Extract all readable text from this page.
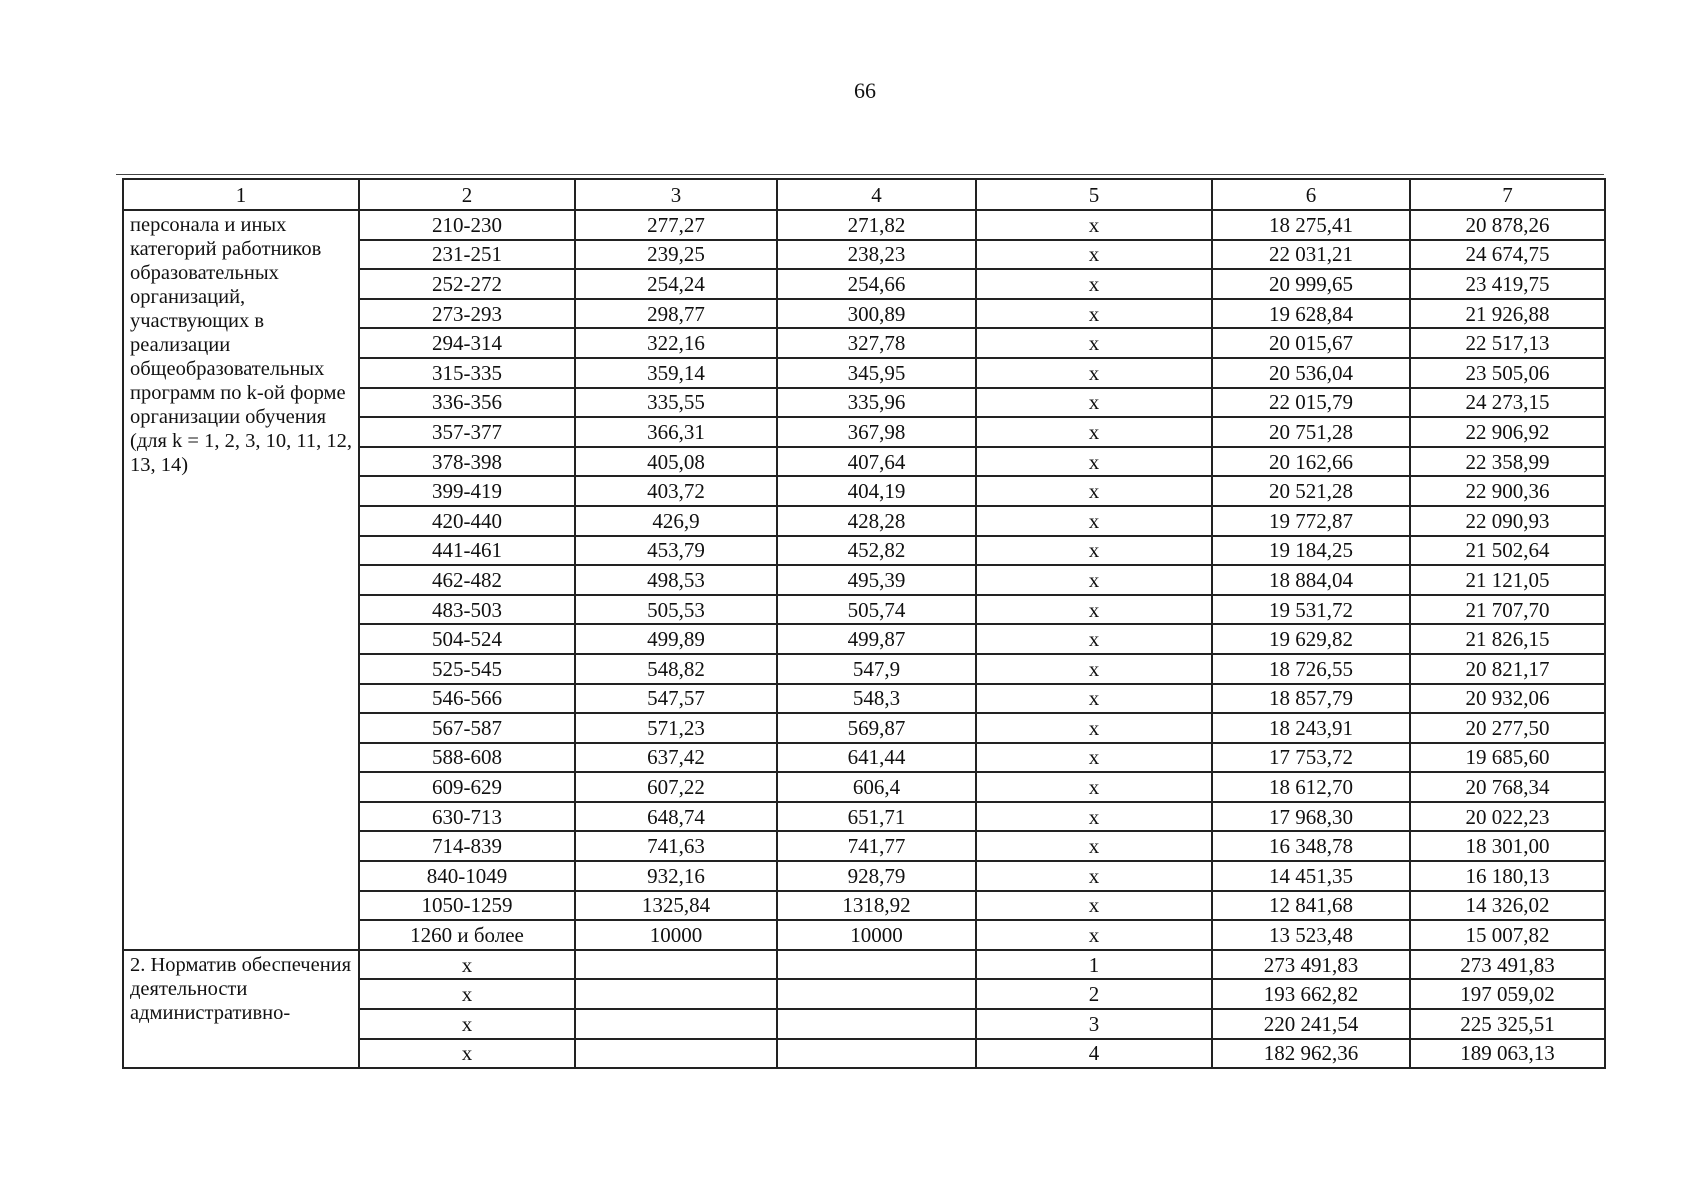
66
1	2	3	4	5	6	7
персонала и иных категорий работников образовательных организаций, участвующих в реализации общеобразовательных программ по k-ой форме организации обучения (для k = 1, 2, 3, 10, 11, 12, 13, 14)	210-230	277,27	271,82	х	18 275,41	20 878,26
	231-251	239,25	238,23	х	22 031,21	24 674,75
	252-272	254,24	254,66	х	20 999,65	23 419,75
	273-293	298,77	300,89	х	19 628,84	21 926,88
	294-314	322,16	327,78	х	20 015,67	22 517,13
	315-335	359,14	345,95	х	20 536,04	23 505,06
	336-356	335,55	335,96	х	22 015,79	24 273,15
	357-377	366,31	367,98	х	20 751,28	22 906,92
	378-398	405,08	407,64	х	20 162,66	22 358,99
	399-419	403,72	404,19	х	20 521,28	22 900,36
	420-440	426,9	428,28	х	19 772,87	22 090,93
	441-461	453,79	452,82	х	19 184,25	21 502,64
	462-482	498,53	495,39	х	18 884,04	21 121,05
	483-503	505,53	505,74	х	19 531,72	21 707,70
	504-524	499,89	499,87	х	19 629,82	21 826,15
	525-545	548,82	547,9	х	18 726,55	20 821,17
	546-566	547,57	548,3	х	18 857,79	20 932,06
	567-587	571,23	569,87	х	18 243,91	20 277,50
	588-608	637,42	641,44	х	17 753,72	19 685,60
	609-629	607,22	606,4	х	18 612,70	20 768,34
	630-713	648,74	651,71	х	17 968,30	20 022,23
	714-839	741,63	741,77	х	16 348,78	18 301,00
	840-1049	932,16	928,79	х	14 451,35	16 180,13
	1050-1259	1325,84	1318,92	х	12 841,68	14 326,02
	1260 и более	10000	10000	х	13 523,48	15 007,82
2. Норматив обеспечения деятельности административно-	х			1	273 491,83	273 491,83
	х			2	193 662,82	197 059,02
	х			3	220 241,54	225 325,51
	х			4	182 962,36	189 063,13
